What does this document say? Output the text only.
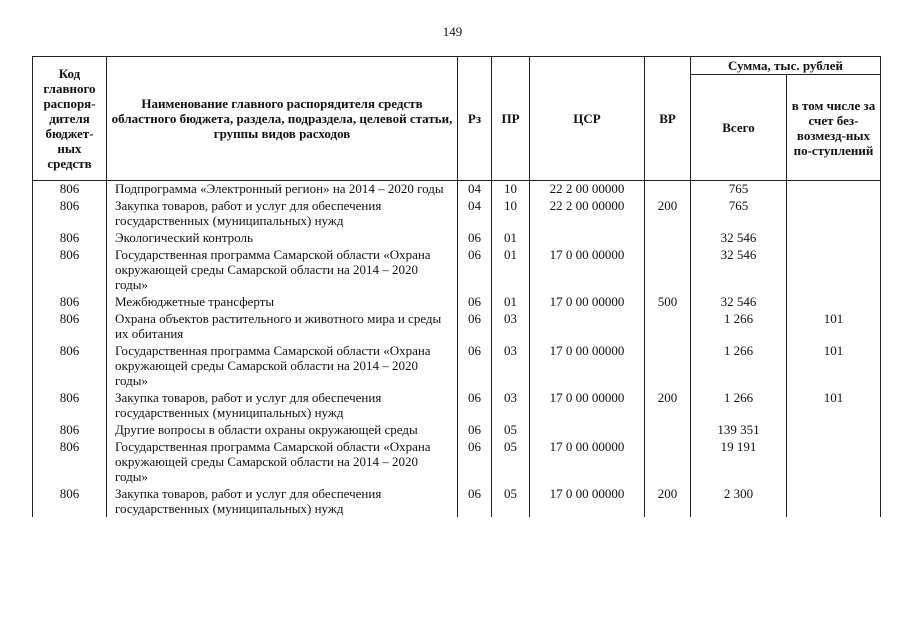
149
Код главного распоря-дителя бюджет-ных средств	Наименование главного распорядителя средств областного бюджета, раздела, подраздела, целевой статьи, группы видов расходов	Рз	ПР	ЦСР	ВР	Сумма, тыс. рублей	
						Всего	в том числе за счет без-возмезд-ных по-ступлений
806	Подпрограмма «Электронный регион» на 2014 – 2020 годы	04	10	22 2 00 00000		765	
806	Закупка товаров, работ и услуг для обеспечения государственных (муниципальных) нужд	04	10	22 2 00 00000	200	765	
806	Экологический контроль	06	01			32 546	
806	Государственная программа Самарской области «Охрана окружающей среды Самарской области на 2014 – 2020 годы»	06	01	17 0 00 00000		32 546	
806	Межбюджетные трансферты	06	01	17 0 00 00000	500	32 546	
806	Охрана объектов растительного и животного мира и среды их обитания	06	03			1 266	101
806	Государственная программа Самарской области «Охрана окружающей среды Самарской области на 2014 – 2020 годы»	06	03	17 0 00 00000		1 266	101
806	Закупка товаров, работ и услуг для обеспечения государственных (муниципальных) нужд	06	03	17 0 00 00000	200	1 266	101
806	Другие вопросы в области охраны окружающей среды	06	05			139 351	
806	Государственная программа Самарской области «Охрана окружающей среды Самарской области на 2014 – 2020 годы»	06	05	17 0 00 00000		19 191	
806	Закупка товаров, работ и услуг для обеспечения государственных (муниципальных) нужд	06	05	17 0 00 00000	200	2 300	
